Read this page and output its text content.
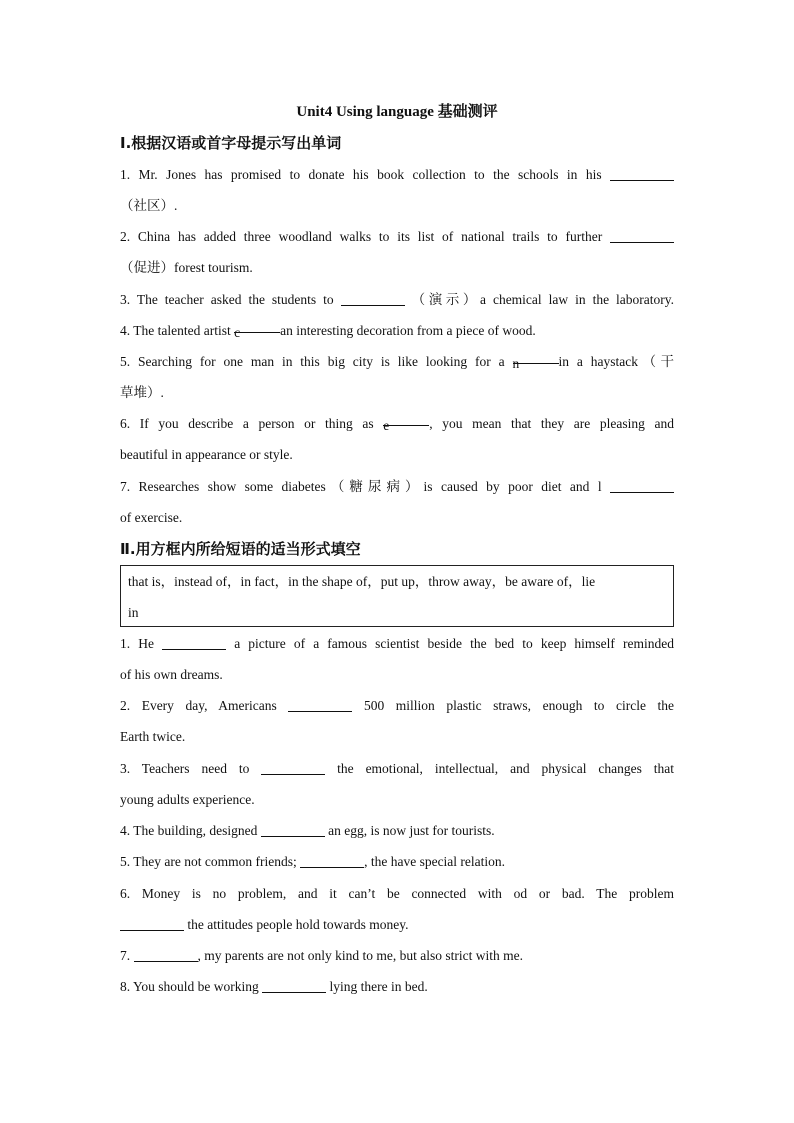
Unit4 Using language 基础测评
Ⅰ.根据汉语或首字母提示写出单词
1. Mr. Jones has promised to donate his book collection to the schools in his
（社区）.
2. China has added three woodland walks to its list of national trails to further
（促进）forest tourism.
3. The teacher asked the students to	（演示）a chemical law in the laboratory.
4. The talented artist c	an interesting decoration from a piece of wood.
5. Searching for one man in this big city is like looking for a n	in a haystack（干
草堆）.
6. If you describe a person or thing as e	, you mean that they are pleasing and
beautiful in appearance or style.
7. Researches show some diabetes（糖尿病）is caused by poor diet and l
of exercise.
Ⅱ.用方框内所给短语的适当形式填空
that is，instead of，in fact，in the shape of，put up，throw away，be aware of，lie
in
1. He	a picture of a famous scientist beside the bed to keep himself reminded
of his own dreams.
2. Every day, Americans	500 million plastic straws, enough to circle the
Earth twice.
3. Teachers need to	the emotional, intellectual, and physical changes that
young adults experience.
4. The building, designed	an egg, is now just for tourists.
5. They are not common friends;	, the have special relation.
6. Money is no problem, and it can’t be connected with od or bad. The problem
the attitudes people hold towards money.
7.	, my parents are not only kind to me, but also strict with me.
8. You should be working	lying there in bed.
